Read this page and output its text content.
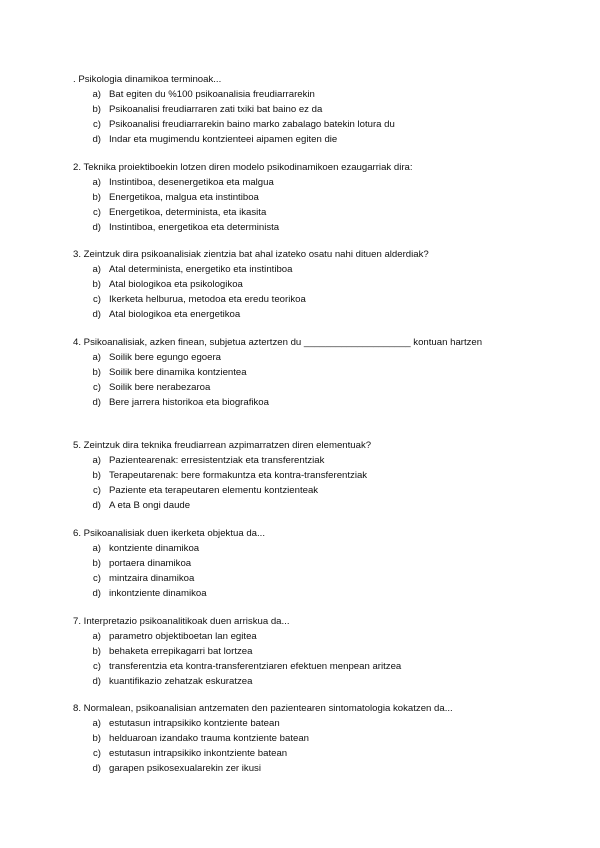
. Psikologia dinamikoa terminoak...

a) Bat egiten du %100 psikoanalisia freudiarrarekin
b) Psikoanalisi freudiarraren zati txiki bat baino ez da
c) Psikoanalisi freudiarrarekin baino marko zabalago batekin lotura du
d) Indar eta mugimendu kontzienteei aipamen egiten die

2. Teknika proiektiboekin lotzen diren modelo psikodinamikoen ezaugarriak dira:

a) Instintiboa, desenergetikoa eta malgua
b) Energetikoa, malgua eta instintiboa
c) Energetikoa, determinista, eta ikasita
d) Instintiboa, energetikoa eta determinista

3. Zeintzuk dira psikoanalisiak zientzia bat ahal izateko osatu nahi dituen alderdiak?

a) Atal determinista, energetiko eta instintiboa
b) Atal biologikoa eta psikologikoa
c) Ikerketa helburua, metodoa eta eredu teorikoa
d) Atal biologikoa eta energetikoa

4. Psikoanalisiak, azken finean, subjetua aztertzen du ____________________ kontuan hartzen

a) Soilik bere egungo egoera
b) Soilik bere dinamika kontzientea
c) Soilik bere nerabezaroa
d) Bere jarrera historikoa eta biografikoa

5. Zeintzuk dira teknika freudiarrean azpimarratzen diren elementuak?

a) Pazientearenak: erresistentziak eta transferentziak
b) Terapeutarenak: bere formakuntza eta kontra-transferentziak
c) Paziente eta terapeutaren elementu kontzienteak
d) A eta B ongi daude

6. Psikoanalisiak duen ikerketa objektua da...

a) kontziente dinamikoa
b) portaera dinamikoa
c) mintzaira dinamikoa
d) inkontziente dinamikoa

7. Interpretazio psikoanalitikoak duen arriskua da...

a) parametro objektiboetan lan egitea
b) behaketa errepikagarri bat lortzea
c) transferentzia eta kontra-transferentziaren efektuen menpean aritzea
d) kuantifikazio zehatzak eskuratzea

8. Normalean, psikoanalisian antzematen den pazientearen sintomatologia kokatzen da...

a) estutasun intrapsikiko kontziente batean
b) helduaroan izandako trauma kontziente batean
c) estutasun intrapsikiko inkontziente batean
d) garapen psikosexualarekin zer ikusi
